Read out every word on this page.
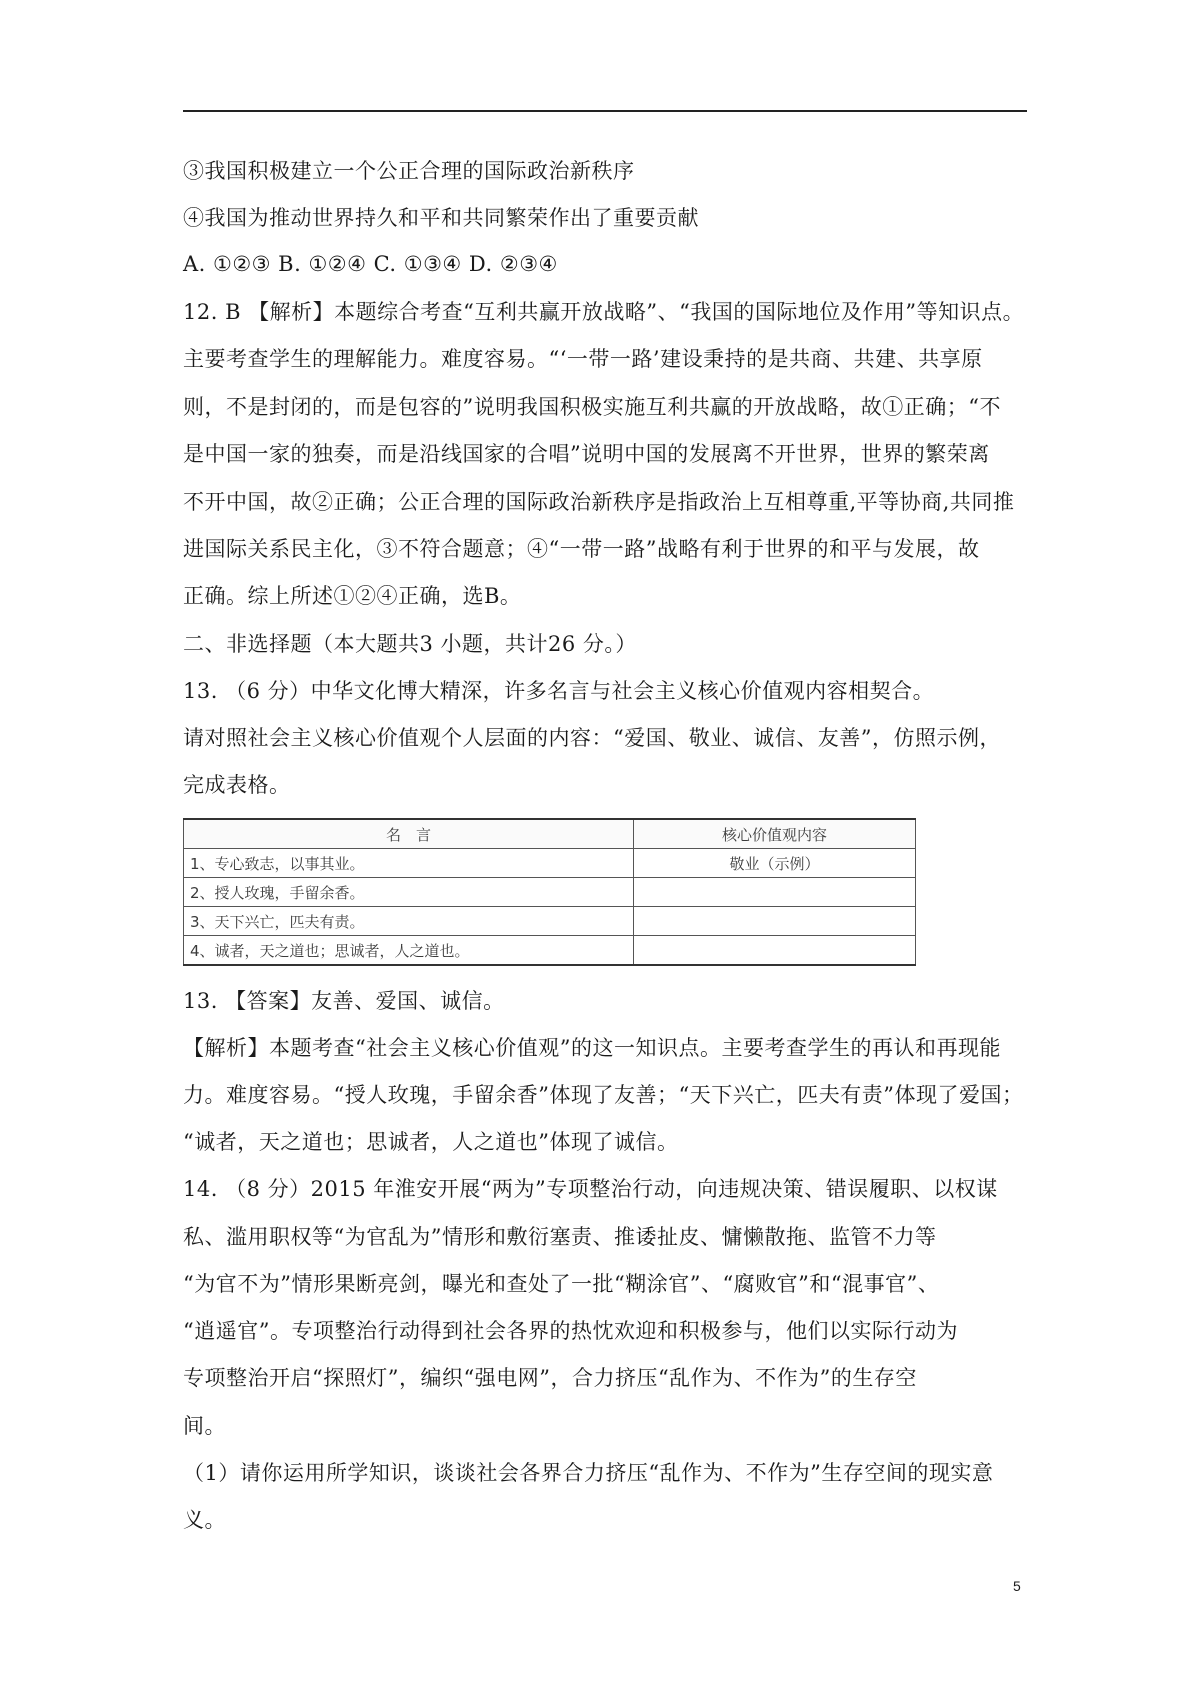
③我国积极建立一个公正合理的国际政治新秩序
④我国为推动世界持久和平和共同繁荣作出了重要贡献
A. ①②③ B. ①②④ C. ①③④ D. ②③④
12. B 【解析】本题综合考查“互利共赢开放战略”、“我国的国际地位及作用”等知识点。
主要考查学生的理解能力。难度容易。“‘一带一路’建设秉持的是共商、共建、共享原
则，不是封闭的，而是包容的”说明我国积极实施互利共赢的开放战略，故①正确；“不
是中国一家的独奏，而是沿线国家的合唱”说明中国的发展离不开世界，世界的繁荣离
不开中国，故②正确；公正合理的国际政治新秩序是指政治上互相尊重,平等协商,共同推
进国际关系民主化，③不符合题意；④“一带一路”战略有利于世界的和平与发展，故
正确。综上所述①②④正确，选B。
二、非选择题（本大题共3 小题，共计26 分。）
13. （6 分）中华文化博大精深，许多名言与社会主义核心价值观内容相契合。
请对照社会主义核心价值观个人层面的内容：“爱国、敬业、诚信、友善”，仿照示例，
完成表格。
名　言	核心价值观内容
1、专心致志，以事其业。	敬业（示例）
2、授人玫瑰，手留余香。	
3、天下兴亡，匹夫有责。	
4、诚者，天之道也；思诚者，人之道也。	
13. 【答案】友善、爱国、诚信。
【解析】本题考查“社会主义核心价值观”的这一知识点。主要考查学生的再认和再现能
力。难度容易。“授人玫瑰，手留余香”体现了友善；“天下兴亡，匹夫有责”体现了爱国；
“诚者，天之道也；思诚者，人之道也”体现了诚信。
14. （8 分）2015 年淮安开展“两为”专项整治行动，向违规决策、错误履职、以权谋
私、滥用职权等“为官乱为”情形和敷衍塞责、推诿扯皮、慵懒散拖、监管不力等
“为官不为”情形果断亮剑，曝光和查处了一批“糊涂官”、“腐败官”和“混事官”、
“逍遥官”。专项整治行动得到社会各界的热忱欢迎和积极参与，他们以实际行动为
专项整治开启“探照灯”，编织“强电网”，合力挤压“乱作为、不作为”的生存空
间。
（1）请你运用所学知识，谈谈社会各界合力挤压“乱作为、不作为”生存空间的现实意
义。
5
